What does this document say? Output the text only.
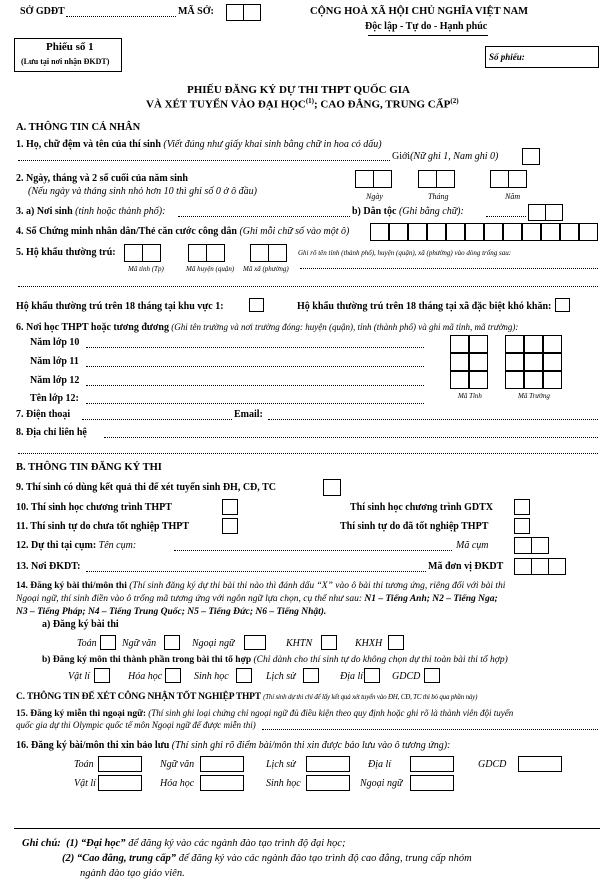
SỞ GDĐT	MÃ SỞ:	CỘNG HOÀ XÃ HỘI CHỦ NGHĨA VIỆT NAM
Độc lập - Tự do - Hạnh phúc
Phiếu số 1
(Lưu tại nơi nhận ĐKDT)	Số phiếu:
PHIẾU ĐĂNG KÝ DỰ THI THPT QUỐC GIA
VÀ XÉT TUYỂN VÀO ĐẠI HỌC$^{(1)}$; CAO ĐẲNG, TRUNG CẤP$^{(2)}$
A. THÔNG TIN CÁ NHÂN
1. Họ, chữ đệm và tên của thí sinh (Viết đúng như giấy khai sinh bằng chữ in hoa có dấu)
Giới(Nữ ghi 1, Nam ghi 0)
2. Ngày, tháng và 2 số cuối của năm sinh
(Nếu ngày và tháng sinh nhỏ hơn 10 thì ghi số 0 ở ô đầu)	Ngày	Tháng	Năm
3. a) Nơi sinh (tỉnh hoặc thành phố):	b) Dân tộc (Ghi bằng chữ):
4. Số Chứng minh nhân dân/Thẻ căn cước công dân (Ghi mỗi chữ số vào một ô)
5. Hộ khẩu thường trú:	Ghi rõ tên tỉnh (thành phố), huyện (quận), xã (phường) vào dòng trống sau:
Mã tỉnh (Tp)	Mã huyện (quận) Mã xã (phường)
Hộ khẩu thường trú trên 18 tháng tại khu vực 1:	Hộ khẩu thường trú trên 18 tháng tại xã đặc biệt khó khăn:
6. Nơi học THPT hoặc tương đương (Ghi tên trường và nơi trường đóng: huyện (quận), tỉnh (thành phố) và ghi mã tỉnh, mã trường):
Năm lớp 10
Năm lớp 11
Năm lớp 12
Tên lớp 12:	Mã Tỉnh	Mã Trường
7. Điện thoại	Email:
8. Địa chỉ liên hệ
B. THÔNG TIN ĐĂNG KÝ THI
9. Thí sinh có dùng kết quả thi để xét tuyển sinh ĐH, CĐ, TC
10. Thí sinh học chương trình THPT	Thí sinh học chương trình GDTX
11. Thí sinh tự do chưa tốt nghiệp THPT	Thí sinh tự do đã tốt nghiệp THPT
12. Dự thi tại cụm: Tên cụm:	Mã cụm
13. Nơi ĐKDT:	Mã đơn vị ĐKDT
14. Đăng ký bài thi/môn thi (Thí sinh đăng ký dự thi bài thi nào thì đánh dấu “X” vào ô bài thi tương ứng, riêng đối với bài thi
Ngoại ngữ, thí sinh điền vào ô trống mã tương ứng với ngôn ngữ lựa chọn, cụ thể như sau: N1 – Tiếng Anh; N2 – Tiếng Nga;
N3 – Tiếng Pháp; N4 – Tiếng Trung Quốc; N5 – Tiếng Đức; N6 – Tiếng Nhật).
a) Đăng ký bài thi
Toán	Ngữ văn	Ngoại ngữ	KHTN	KHXH
b) Đăng ký môn thi thành phần trong bài thi tổ hợp (Chỉ dành cho thí sinh tự do không chọn dự thi toàn bài thi tổ hợp)
Vật lí	Hóa học	Sinh học	Lịch sử	Địa lí	GDCD
C. THÔNG TIN ĐỂ XÉT CÔNG NHẬN TỐT NGHIỆP THPT (Thí sinh dự thi chỉ để lấy kết quả xét tuyển vào ĐH, CĐ, TC thì bỏ qua phần này)
15. Đăng ký miễn thi ngoại ngữ: (Thí sinh ghi loại chứng chỉ ngoại ngữ đủ điều kiện theo quy định hoặc ghi rõ là thành viên đội tuyển
quốc gia dự thi Olympic quốc tế môn Ngoại ngữ để được miễn thi)
16. Đăng ký bài/môn thi xin bảo lưu (Thí sinh ghi rõ điểm bài/môn thi xin được bảo lưu vào ô tương ứng):
Toán	Ngữ văn	Lịch sử	Địa lí	GDCD
Vật lí	Hóa học	Sinh học	Ngoại ngữ
Ghi chú: (1) “Đại học” để đăng ký vào các ngành đào tạo trình độ đại học;
(2) “Cao đẳng, trung cấp” để đăng ký vào các ngành đào tạo trình độ cao đẳng, trung cấp nhóm
ngành đào tạo giáo viên.
